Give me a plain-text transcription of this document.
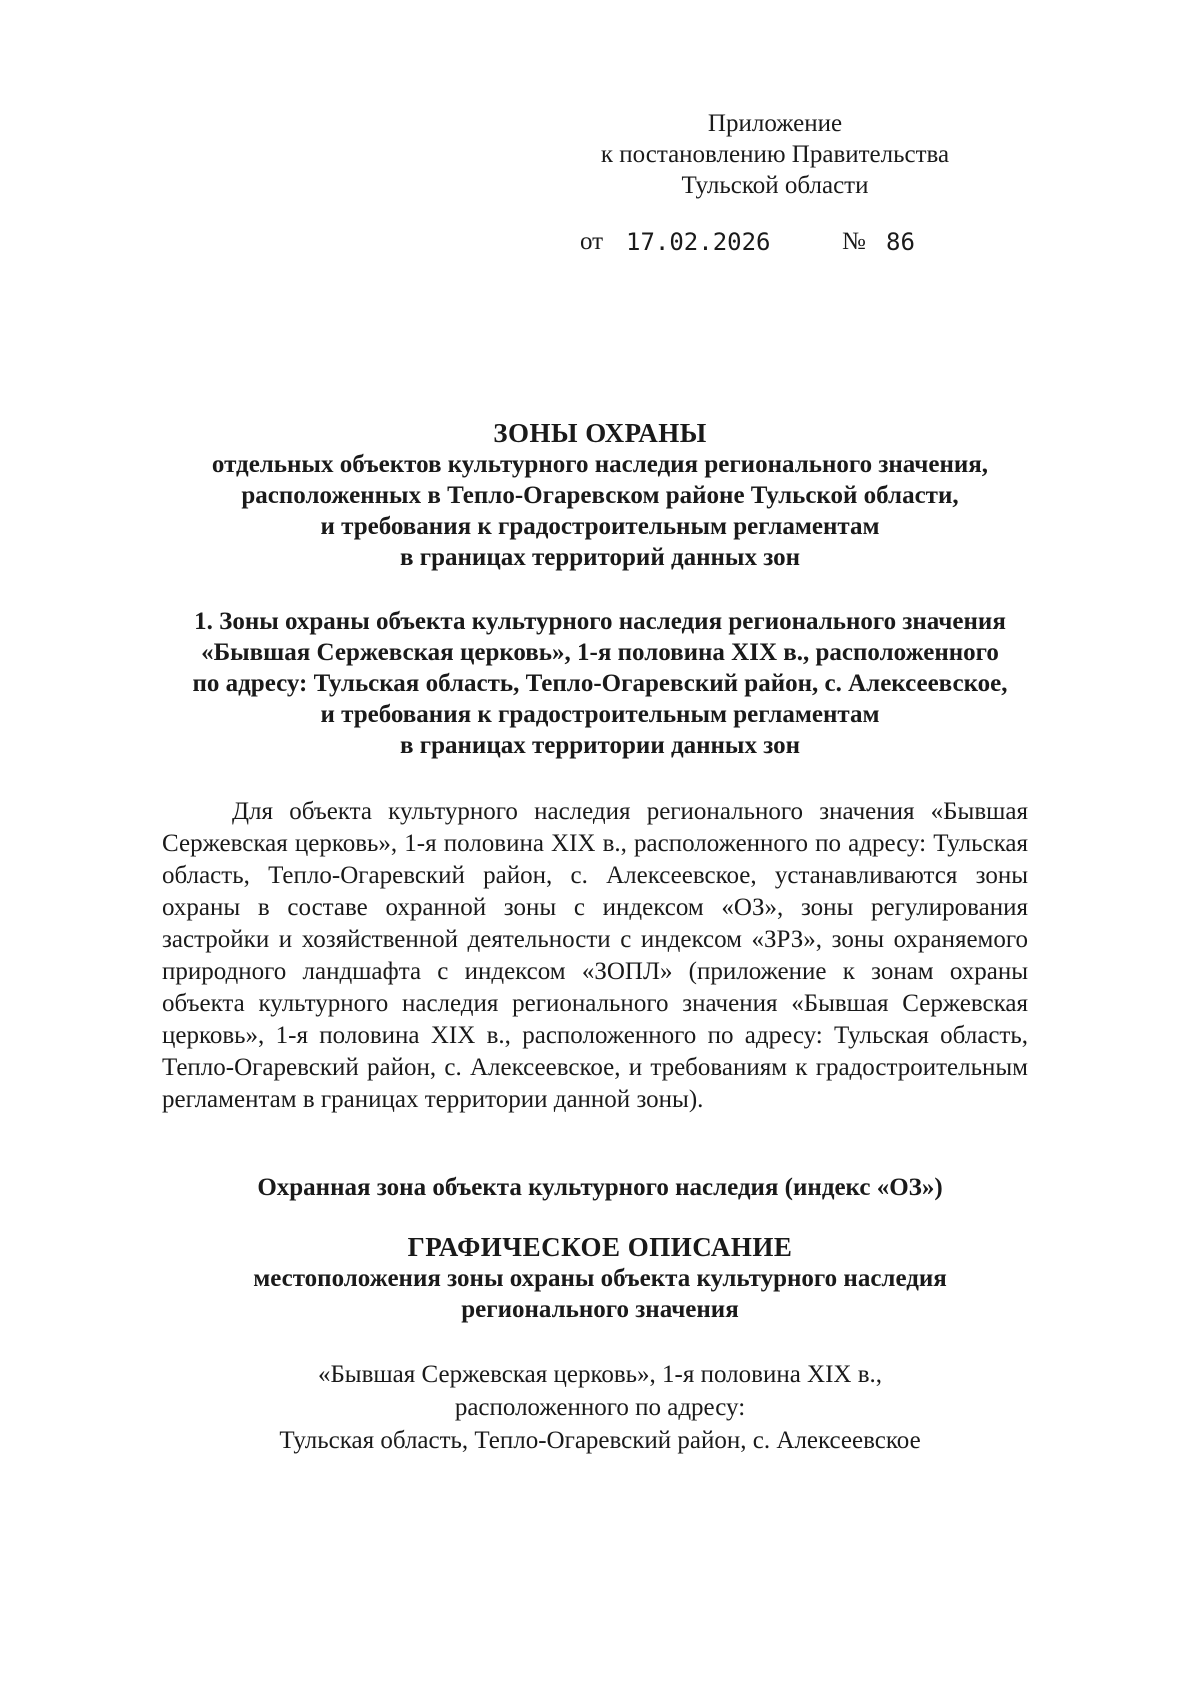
Приложение
к постановлению Правительства
Тульской области
от 17.02.2026	№ 86
ЗОНЫ ОХРАНЫ
отдельных объектов культурного наследия регионального значения,
расположенных в Тепло-Огаревском районе Тульской области,
и требования к градостроительным регламентам
в границах территорий данных зон
1. Зоны охраны объекта культурного наследия регионального значения
«Бывшая Сержевская церковь», 1-я половина XIX в., расположенного
по адресу: Тульская область, Тепло-Огаревский район, с. Алексеевское,
и требования к градостроительным регламентам
в границах территории данных зон
Для объекта культурного наследия регионального значения «Бывшая Сержевская церковь», 1-я половина XIX в., расположенного по адресу: Тульская область, Тепло-Огаревский район, с. Алексеевское, устанавливаются зоны охраны в составе охранной зоны с индексом «ОЗ», зоны регулирования застройки и хозяйственной деятельности с индексом «ЗРЗ», зоны охраняемого природного ландшафта с индексом «ЗОПЛ» (приложение к зонам охраны объекта культурного наследия регионального значения «Бывшая Сержевская церковь», 1-я половина XIX в., расположенного по адресу: Тульская область, Тепло-Огаревский район, с. Алексеевское, и требованиям к градостроительным регламентам в границах территории данной зоны).
Охранная зона объекта культурного наследия (индекс «ОЗ»)
ГРАФИЧЕСКОЕ ОПИСАНИЕ
местоположения зоны охраны объекта культурного наследия
регионального значения
«Бывшая Сержевская церковь», 1-я половина XIX в.,
расположенного по адресу:
Тульская область, Тепло-Огаревский район, с. Алексеевское
